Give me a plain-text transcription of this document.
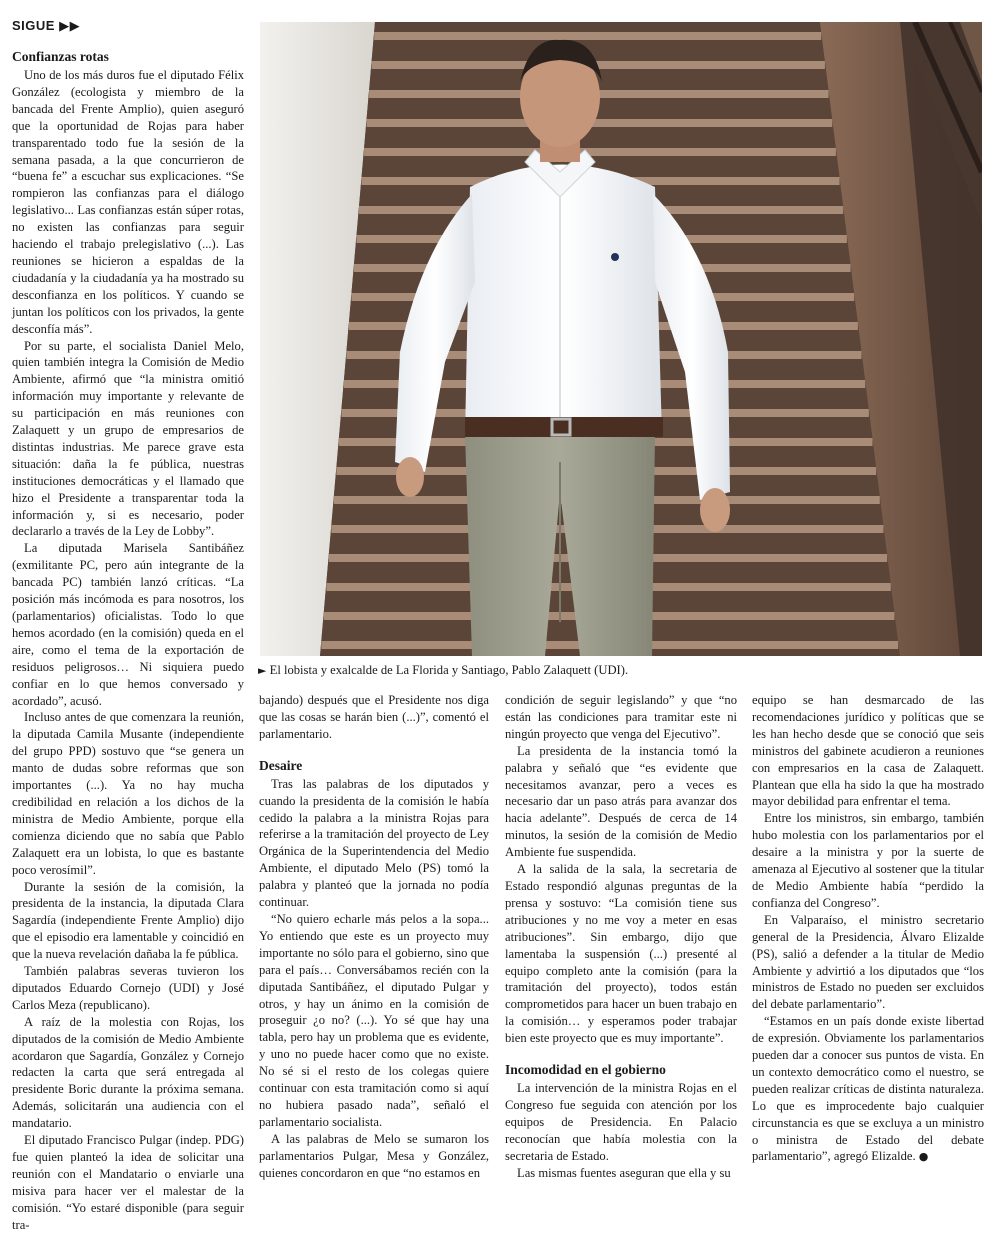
SIGUE ▶▶
Confianzas rotas

Uno de los más duros fue el diputado Félix González (ecologista y miembro de la bancada del Frente Amplio), quien aseguró que la oportunidad de Rojas para haber transparentado todo fue la sesión de la semana pasada, a la que concurrieron de “buena fe” a escuchar sus explicaciones. “Se rompieron las confianzas para el diálogo legislativo... Las confianzas están súper rotas, no existen las confianzas para seguir haciendo el trabajo prelegislativo (...). Las reuniones se hicieron a espaldas de la ciudadanía y la ciudadanía ya ha mostrado su desconfianza en los políticos. Y cuando se juntan los políticos con los privados, la gente desconfía más”.

Por su parte, el socialista Daniel Melo, quien también integra la Comisión de Medio Ambiente, afirmó que “la ministra omitió información muy importante y relevante de su participación en más reuniones con Zalaquett y un grupo de empresarios de distintas industrias. Me parece grave esta situación: daña la fe pública, nuestras instituciones democráticas y el llamado que hizo el Presidente a transparentar toda la información y, si es necesario, poder declararlo a través de la Ley de Lobby”.

La diputada Marisela Santibáñez (exmilitante PC, pero aún integrante de la bancada PC) también lanzó críticas. “La posición más incómoda es para nosotros, los (parlamentarios) oficialistas. Todo lo que hemos acordado (en la comisión) queda en el aire, como el tema de la exportación de residuos peligrosos… Ni siquiera puedo confiar en lo que hemos conversado y acordado”, acusó.

Incluso antes de que comenzara la reunión, la diputada Camila Musante (independiente del grupo PPD) sostuvo que “se genera un manto de dudas sobre reformas que son importantes (...). Ya no hay mucha credibilidad en relación a los dichos de la ministra de Medio Ambiente, porque ella comienza diciendo que no sabía que Pablo Zalaquett era un lobista, lo que es bastante poco verosímil”.

Durante la sesión de la comisión, la presidenta de la instancia, la diputada Clara Sagardía (independiente Frente Amplio) dijo que el episodio era lamentable y coincidió en que la nueva revelación dañaba la fe pública.

También palabras severas tuvieron los diputados Eduardo Cornejo (UDI) y José Carlos Meza (republicano).

A raíz de la molestia con Rojas, los diputados de la comisión de Medio Ambiente acordaron que Sagardía, González y Cornejo redacten la carta que será entregada al presidente Boric durante la próxima semana. Además, solicitarán una audiencia con el mandatario.

El diputado Francisco Pulgar (indep. PDG) fue quien planteó la idea de solicitar una reunión con el Mandatario o enviarle una misiva para hacer ver el malestar de la comisión. “Yo estaré disponible (para seguir tra-

► El lobista y exalcalde de La Florida y Santiago, Pablo Zalaquett (UDI).

bajando) después que el Presidente nos diga que las cosas se harán bien (...)”, comentó el parlamentario.

Desaire

Tras las palabras de los diputados y cuando la presidenta de la comisión le había cedido la palabra a la ministra Rojas para referirse a la tramitación del proyecto de Ley Orgánica de la Superintendencia del Medio Ambiente, el diputado Melo (PS) tomó la palabra y planteó que la jornada no podía continuar.

“No quiero echarle más pelos a la sopa... Yo entiendo que este es un proyecto muy importante no sólo para el gobierno, sino que para el país… Conversábamos recién con la diputada Santibáñez, el diputado Pulgar y otros, y hay un ánimo en la comisión de proseguir ¿o no? (...). Yo sé que hay una tabla, pero hay un problema que es evidente, y uno no puede hacer como que no existe. No sé si el resto de los colegas quiere continuar con esta tramitación como si aquí no hubiera pasado nada”, señaló el parlamentario socialista.

A las palabras de Melo se sumaron los parlamentarios Pulgar, Mesa y González, quienes concordaron en que “no estamos en

condición de seguir legislando” y que “no están las condiciones para tramitar este ni ningún proyecto que venga del Ejecutivo”.

La presidenta de la instancia tomó la palabra y señaló que “es evidente que necesitamos avanzar, pero a veces es necesario dar un paso atrás para avanzar dos hacia adelante”. Después de cerca de 14 minutos, la sesión de la comisión de Medio Ambiente fue suspendida.

A la salida de la sala, la secretaria de Estado respondió algunas preguntas de la prensa y sostuvo: “La comisión tiene sus atribuciones y no me voy a meter en esas atribuciones”. Sin embargo, dijo que lamentaba la suspensión (...) presenté al equipo completo ante la comisión (para la tramitación del proyecto), todos están comprometidos para hacer un buen trabajo en la comisión… y esperamos poder trabajar bien este proyecto que es muy importante”.

Incomodidad en el gobierno

La intervención de la ministra Rojas en el Congreso fue seguida con atención por los equipos de Presidencia. En Palacio reconocían que había molestia con la secretaria de Estado.

Las mismas fuentes aseguran que ella y su

equipo se han desmarcado de las recomendaciones jurídico y políticas que se les han hecho desde que se conoció que seis ministros del gabinete acudieron a reuniones con empresarios en la casa de Zalaquett. Plantean que ella ha sido la que ha mostrado mayor debilidad para enfrentar el tema.

Entre los ministros, sin embargo, también hubo molestia con los parlamentarios por el desaire a la ministra y por la suerte de amenaza al Ejecutivo al sostener que la titular de Medio Ambiente había “perdido la confianza del Congreso”.

En Valparaíso, el ministro secretario general de la Presidencia, Álvaro Elizalde (PS), salió a defender a la titular de Medio Ambiente y advirtió a los diputados que “los ministros de Estado no pueden ser excluidos del debate parlamentario”.

“Estamos en un país donde existe libertad de expresión. Obviamente los parlamentarios pueden dar a conocer sus puntos de vista. En un contexto democrático como el nuestro, se pueden realizar críticas de distinta naturaleza. Lo que es improcedente bajo cualquier circunstancia es que se excluya a un ministro o ministra de Estado del debate parlamentario”, agregó Elizalde. ●
